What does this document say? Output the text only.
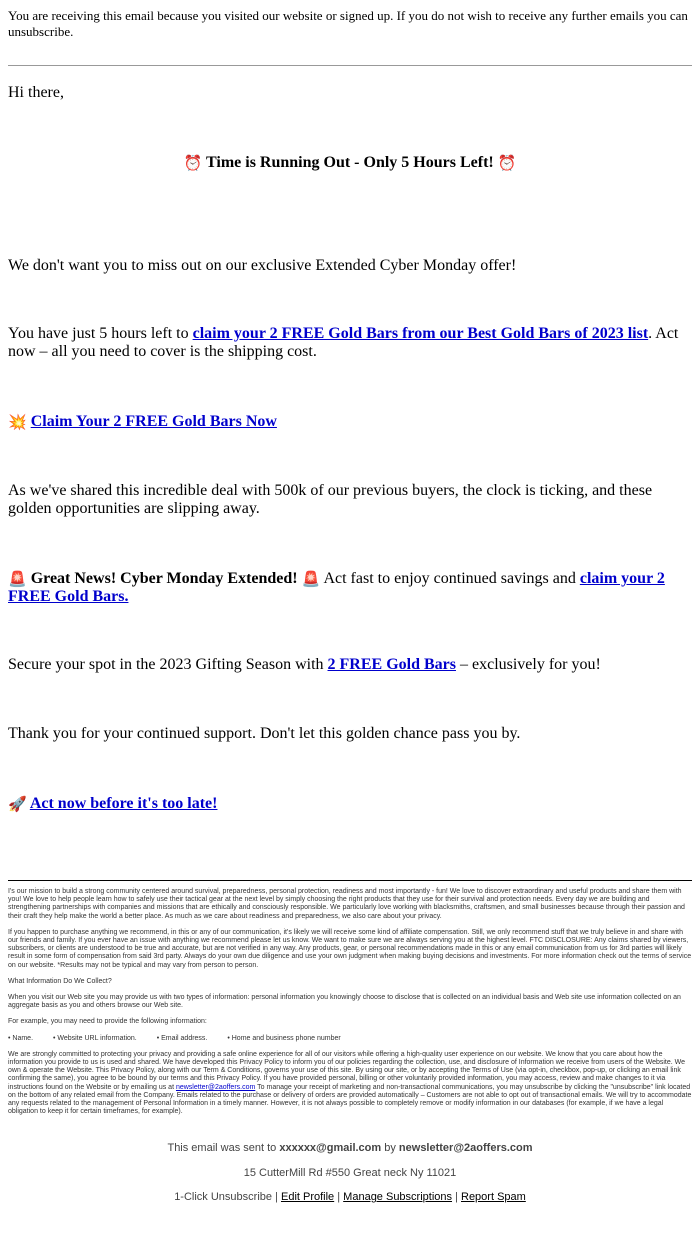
You are receiving this email because you visited our website or signed up. If you do not wish to receive any further emails you can unsubscribe.

Hi there,

⏰ Time is Running Out - Only 5 Hours Left! ⏰

We don't want you to miss out on our exclusive Extended Cyber Monday offer!

You have just 5 hours left to claim your 2 FREE Gold Bars from our Best Gold Bars of 2023 list. Act now – all you need to cover is the shipping cost.

💥 Claim Your 2 FREE Gold Bars Now

As we've shared this incredible deal with 500k of our previous buyers, the clock is ticking, and these golden opportunities are slipping away.

🚨 Great News! Cyber Monday Extended! 🚨 Act fast to enjoy continued savings and claim your 2 FREE Gold Bars.

Secure your spot in the 2023 Gifting Season with 2 FREE Gold Bars – exclusively for you!

Thank you for your continued support. Don't let this golden chance pass you by.

🚀 Act now before it's too late!

I's our mission to build a strong community centered around survival, preparedness, personal protection, readiness and most importantly - fun! We love to discover extraordinary and useful products and share them with you! We love to help people learn how to safely use their tactical gear at the next level by simply choosing the right products that they use for their survival and protection needs. Every day we are building and strengthening partnerships with companies and missions that are ethically and consciously responsible. We particularly love working with blacksmiths, craftsmen, and small businesses because through their passion and their craft they help make the world a better place. As much as we care about readiness and preparedness, we also care about your privacy.

If you happen to purchase anything we recommend, in this or any of our communication, it's likely we will receive some kind of affiliate compensation. Still, we only recommend stuff that we truly believe in and share with our friends and family. If you ever have an issue with anything we recommend please let us know. We want to make sure we are always serving you at the highest level. FTC DISCLOSURE: Any claims shared by viewers, subscribers, or clients are understood to be true and accurate, but are not verified in any way. Any products, gear, or personal recommendations made in this or any email communication from us for 3rd parties will likely result in some form of compensation from said 3rd party. Always do your own due diligence and use your own judgment when making buying decisions and investments. For more information check out the terms of service on our website. *Results may not be typical and may vary from person to person.

What Information Do We Collect?

When you visit our Web site you may provide us with two types of information: personal information you knowingly choose to disclose that is collected on an individual basis and Web site use information collected on an aggregate basis as you and others browse our Web site.

For example, you may need to provide the following information:

• Name.	• Website URL information.	• Email address.	• Home and business phone number

We are strongly committed to protecting your privacy and providing a safe online experience for all of our visitors while offering a high-quality user experience on our website. We know that you care about how the information you provide to us is used and shared. We have developed this Privacy Policy to inform you of our policies regarding the collection, use, and disclosure of Information we receive from users of the Website. We own & operate the Website. This Privacy Policy, along with our Term & Conditions, governs your use of this site. By using our site, or by accepting the Terms of Use (via opt-in, checkbox, pop-up, or clicking an email link confirming the same), you agree to be bound by our terms and this Privacy Policy. If you have provided personal, billing or other voluntarily provided information, you may access, review and make changes to it via instructions found on the Website or by emailing us at newsletter@2aoffers.com To manage your receipt of marketing and non-transactional communications, you may unsubscribe by clicking the "unsubscribe" link located on the bottom of any related email from the Company. Emails related to the purchase or delivery of orders are provided automatically – Customers are not able to opt out of transactional emails. We will try to accommodate any requests related to the management of Personal Information in a timely manner. However, it is not always possible to completely remove or modify information in our databases (for example, if we have a legal obligation to keep it for certain timeframes, for example).

This email was sent to xxxxxx@gmail.com by newsletter@2aoffers.com
15 CutterMill Rd #550 Great neck Ny 11021
1-Click Unsubscribe | Edit Profile | Manage Subscriptions | Report Spam
